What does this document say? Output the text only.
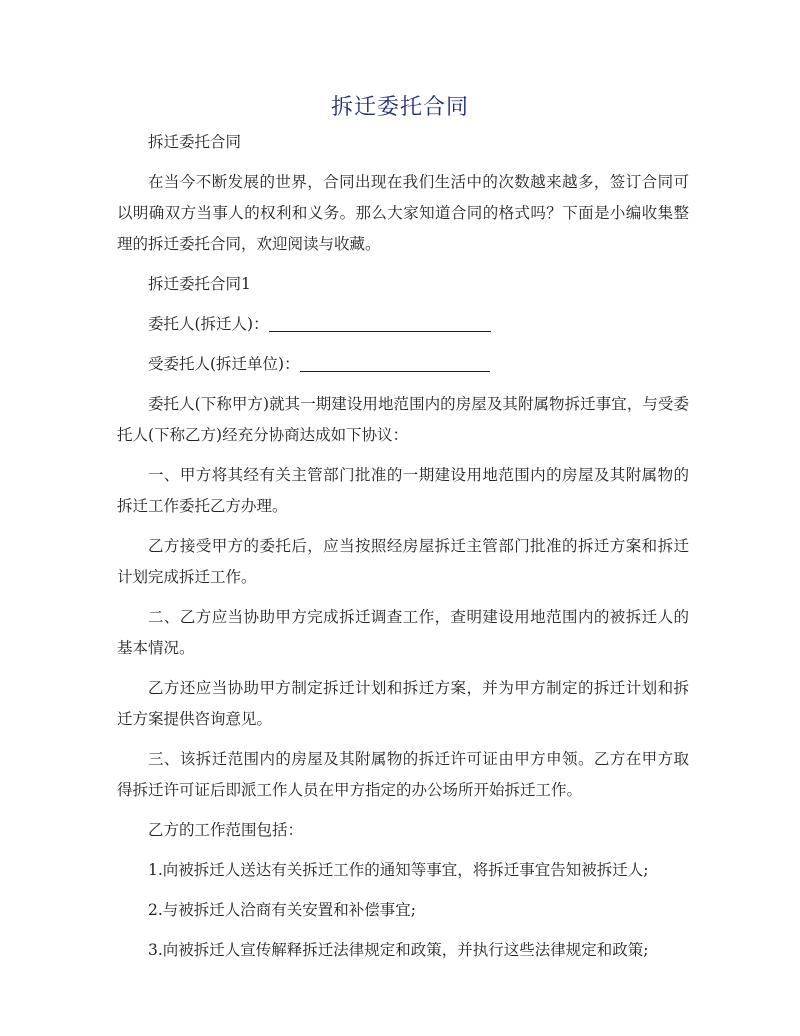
拆迁委托合同

拆迁委托合同

在当今不断发展的世界，合同出现在我们生活中的次数越来越多，签订合同可以明确双方当事人的权利和义务。那么大家知道合同的格式吗？下面是小编收集整理的拆迁委托合同，欢迎阅读与收藏。

拆迁委托合同1

委托人(拆迁人)：

受委托人(拆迁单位)：

委托人(下称甲方)就其一期建设用地范围内的房屋及其附属物拆迁事宜，与受委托人(下称乙方)经充分协商达成如下协议：

一、甲方将其经有关主管部门批准的一期建设用地范围内的房屋及其附属物的拆迁工作委托乙方办理。

乙方接受甲方的委托后，应当按照经房屋拆迁主管部门批准的拆迁方案和拆迁计划完成拆迁工作。

二、乙方应当协助甲方完成拆迁调查工作，查明建设用地范围内的被拆迁人的基本情况。

乙方还应当协助甲方制定拆迁计划和拆迁方案，并为甲方制定的拆迁计划和拆迁方案提供咨询意见。

三、该拆迁范围内的房屋及其附属物的拆迁许可证由甲方申领。乙方在甲方取得拆迁许可证后即派工作人员在甲方指定的办公场所开始拆迁工作。

乙方的工作范围包括：

1.向被拆迁人送达有关拆迁工作的通知等事宜，将拆迁事宜告知被拆迁人;

2.与被拆迁人洽商有关安置和补偿事宜;

3.向被拆迁人宣传解释拆迁法律规定和政策，并执行这些法律规定和政策;
